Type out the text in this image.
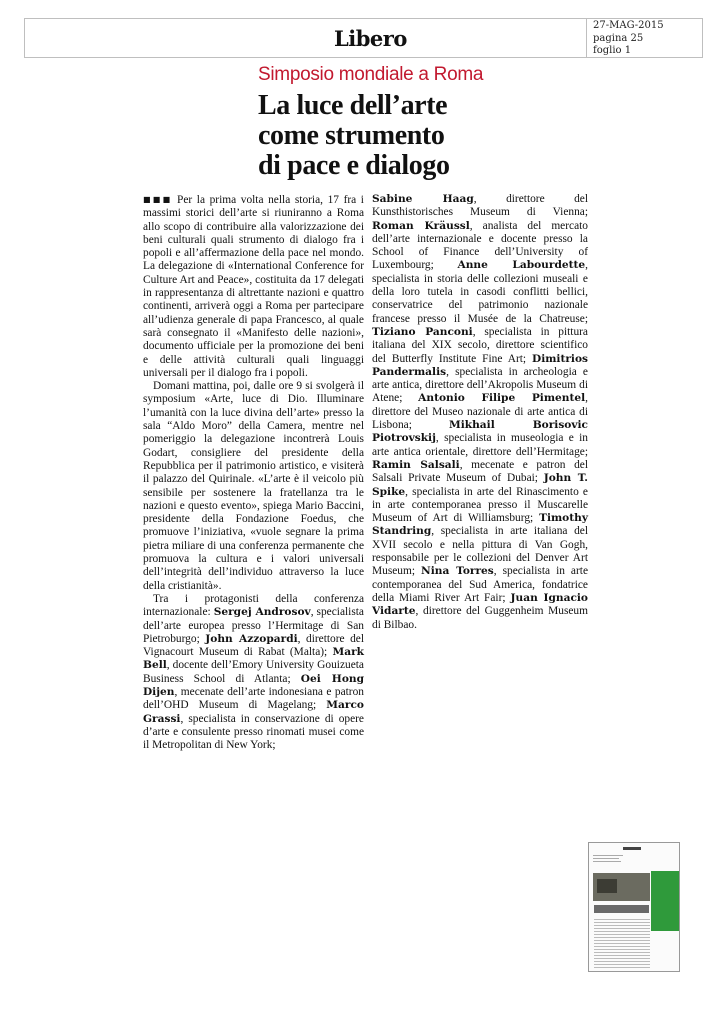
Libero
27-MAG-2015
pagina 25
foglio 1
Simposio mondiale a Roma
La luce dell’arte
come strumento
di pace e dialogo

■■■ Per la prima volta nella storia, 17 fra i massimi storici dell’arte si riuniranno a Roma allo scopo di contribuire alla valorizzazione dei beni culturali quali strumento di dialogo fra i popoli e all’affermazione della pace nel mondo. La delegazione di «International Conference for Culture Art and Peace», costituita da 17 delegati in rappresentanza di altrettante nazioni e quattro continenti, arriverà oggi a Roma per partecipare all’udienza generale di papa Francesco, al quale sarà consegnato il «Manifesto delle nazioni», documento ufficiale per la promozione dei beni e delle attività culturali quali linguaggi universali per il dialogo fra i popoli.

Domani mattina, poi, dalle ore 9 si svolgerà il symposium «Arte, luce di Dio. Illuminare l’umanità con la luce divina dell’arte» presso la sala “Aldo Moro” della Camera, mentre nel pomeriggio la delegazione incontrerà Louis Godart, consigliere del presidente della Repubblica per il patrimonio artistico, e visiterà il palazzo del Quirinale. «L’arte è il veicolo più sensibile per sostenere la fratellanza tra le nazioni e questo evento», spiega Mario Baccini, presidente della Fondazione Foedus, che promuove l’iniziativa, «vuole segnare la prima pietra miliare di una conferenza permanente che promuova la cultura e i valori universali dell’integrità dell’individuo attraverso la luce della cristianità».

Tra i protagonisti della conferenza internazionale: Sergej Androsov, specialista dell’arte europea presso l’Hermitage di San Pietroburgo; John Azzopardi, direttore del Vignacourt Museum di Rabat (Malta); Mark Bell, docente dell’Emory University Gouizueta Business School di Atlanta; Oei Hong Dijen, mecenate dell’arte indonesiana e patron dell’OHD Museum di Magelang; Marco Grassi, specialista in conservazione di opere d’arte e consulente presso rinomati musei come il Metropolitan di New York;

Sabine Haag, direttore del Kunsthistorisches Museum di Vienna; Roman Kräussl, analista del mercato dell’arte internazionale e docente presso la School of Finance dell’University of Luxembourg; Anne Labourdette, specialista in storia delle collezioni museali e della loro tutela in casodi conflitti bellici, conservatrice del patrimonio nazionale francese presso il Musée de la Chatreuse; Tiziano Panconi, specialista in pittura italiana del XIX secolo, direttore scientifico del Butterfly Institute Fine Art; Dimitrios Pandermalis, specialista in archeologia e arte antica, direttore dell’Akropolis Museum di Atene; Antonio Filipe Pimentel, direttore del Museo nazionale di arte antica di Lisbona; Mikhail Borisovic Piotrovskij, specialista in museologia e in arte antica orientale, direttore dell’Hermitage; Ramin Salsali, mecenate e patron del Salsali Private Museum of Dubai; John T. Spike, specialista in arte del Rinascimento e in arte contemporanea presso il Muscarelle Museum of Art di Williamsburg; Timothy Standring, specialista in arte italiana del XVII secolo e nella pittura di Van Gogh, responsabile per le collezioni del Denver Art Museum; Nina Torres, specialista in arte contemporanea del Sud America, fondatrice della Miami River Art Fair; Juan Ignacio Vidarte, direttore del Guggenheim Museum di Bilbao.
